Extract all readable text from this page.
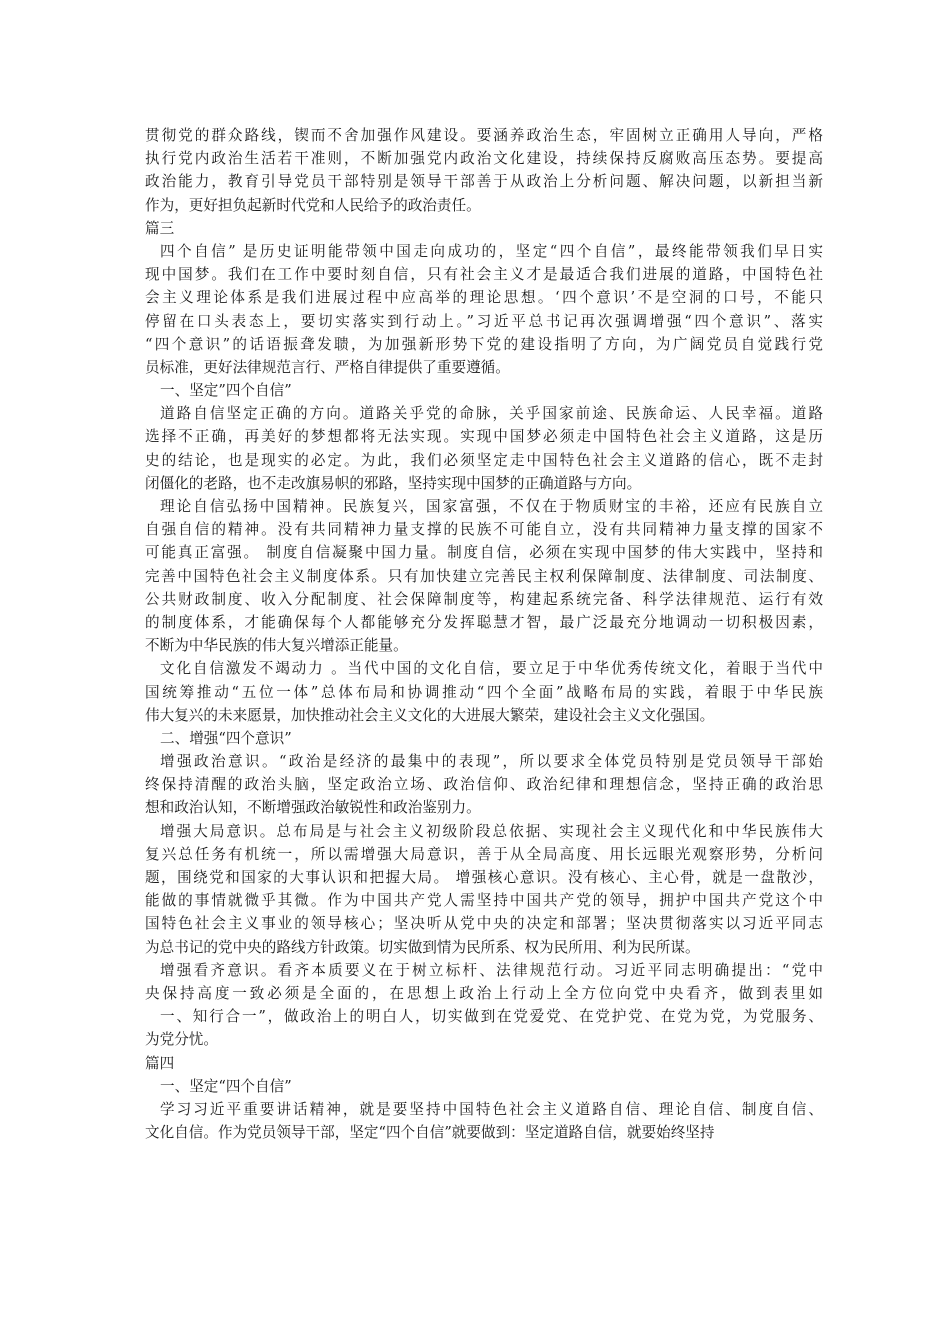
贯彻党的群众路线，锲而不舍加强作风建设。要涵养政治生态，牢固树立正确用人导向，严格
执行党内政治生活若干准则，不断加强党内政治文化建设，持续保持反腐败高压态势。要提高
政治能力，教育引导党员干部特别是领导干部善于从政治上分析问题、解决问题，以新担当新
作为，更好担负起新时代党和人民给予的政治责任。
篇三
四个自信” 是历史证明能带领中国走向成功的，坚定“四个自信”，最终能带领我们早日实
现中国梦。我们在工作中要时刻自信，只有社会主义才是最适合我们进展的道路，中国特色社
会主义理论体系是我们进展过程中应高举的理论思想。‘四个意识’不是空洞的口号，不能只
停留在口头表态上，要切实落实到行动上。”习近平总书记再次强调增强“四个意识”、落实
“四个意识”的话语振聋发聩，为加强新形势下党的建设指明了方向，为广阔党员自觉践行党
员标准，更好法律规范言行、严格自律提供了重要遵循。
一、坚定”四个自信”
道路自信坚定正确的方向。道路关乎党的命脉，关乎国家前途、民族命运、人民幸福。道路
选择不正确，再美好的梦想都将无法实现。实现中国梦必须走中国特色社会主义道路，这是历
史的结论，也是现实的必定。为此，我们必须坚定走中国特色社会主义道路的信心，既不走封
闭僵化的老路，也不走改旗易帜的邪路，坚持实现中国梦的正确道路与方向。
理论自信弘扬中国精神。民族复兴，国家富强，不仅在于物质财宝的丰裕，还应有民族自立
自强自信的精神。没有共同精神力量支撑的民族不可能自立，没有共同精神力量支撑的国家不
可能真正富强。 制度自信凝聚中国力量。制度自信，必须在实现中国梦的伟大实践中，坚持和
完善中国特色社会主义制度体系。只有加快建立完善民主权利保障制度、法律制度、司法制度、
公共财政制度、收入分配制度、社会保障制度等，构建起系统完备、科学法律规范、运行有效
的制度体系，才能确保每个人都能够充分发挥聪慧才智，最广泛最充分地调动一切积极因素，
不断为中华民族的伟大复兴增添正能量。
文化自信激发不竭动力 。当代中国的文化自信，要立足于中华优秀传统文化，着眼于当代中
国统筹推动“五位一体”总体布局和协调推动“四个全面”战略布局的实践，着眼于中华民族
伟大复兴的未来愿景，加快推动社会主义文化的大进展大繁荣，建设社会主义文化强国。
二、增强“四个意识”
增强政治意识。“政治是经济的最集中的表现”，所以要求全体党员特别是党员领导干部始
终保持清醒的政治头脑，坚定政治立场、政治信仰、政治纪律和理想信念，坚持正确的政治思
想和政治认知，不断增强政治敏锐性和政治鉴别力。
增强大局意识。总布局是与社会主义初级阶段总依据、实现社会主义现代化和中华民族伟大
复兴总任务有机统一，所以需增强大局意识，善于从全局高度、用长远眼光观察形势，分析问
题，围绕党和国家的大事认识和把握大局。 增强核心意识。没有核心、主心骨，就是一盘散沙，
能做的事情就微乎其微。作为中国共产党人需坚持中国共产党的领导，拥护中国共产党这个中
国特色社会主义事业的领导核心；坚决听从党中央的决定和部署；坚决贯彻落实以习近平同志
为总书记的党中央的路线方针政策。切实做到情为民所系、权为民所用、利为民所谋。
增强看齐意识。看齐本质要义在于树立标杆、法律规范行动。习近平同志明确提出：“党中
央保持高度一致必须是全面的，在思想上政治上行动上全方位向党中央看齐，做到表里如
一、知行合一”，做政治上的明白人，切实做到在党爱党、在党护党、在党为党，为党服务、
为党分忧。
篇四
一、坚定“四个自信”
学习习近平重要讲话精神，就是要坚持中国特色社会主义道路自信、理论自信、制度自信、
文化自信。作为党员领导干部，坚定“四个自信”就要做到：坚定道路自信，就要始终坚持
